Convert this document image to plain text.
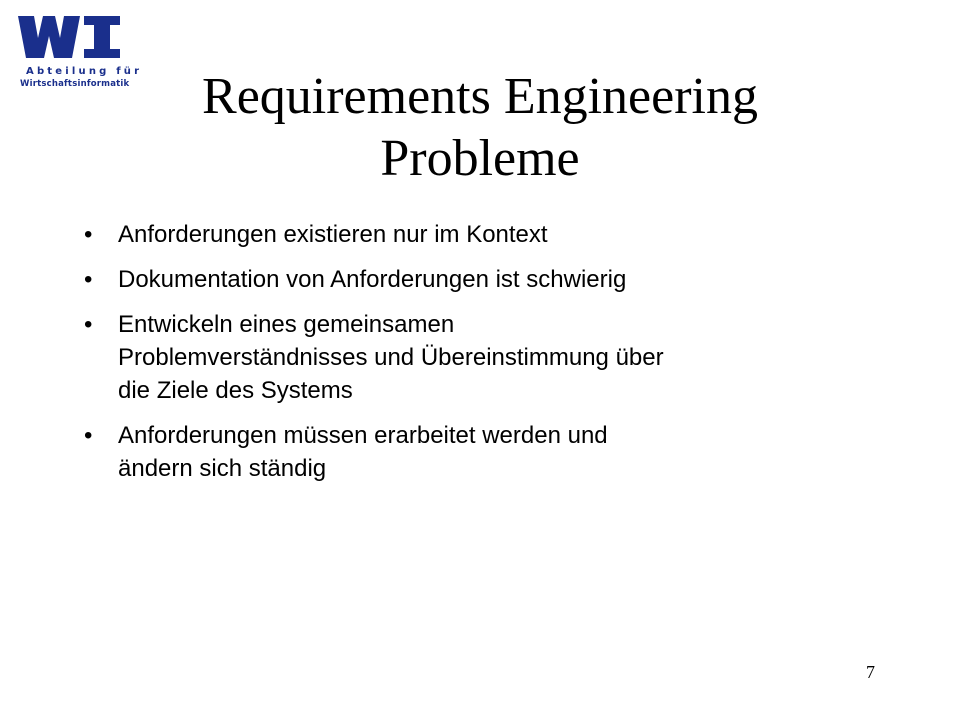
Abteilung für
Wirtschaftsinformatik	Requirements Engineering
Probleme
• Anforderungen existieren nur im Kontext
• Dokumentation von Anforderungen ist schwierig
• Entwickeln eines gemeinsamen
Problemverständnisses und Übereinstimmung über
die Ziele des Systems
• Anforderungen müssen erarbeitet werden und
ändern sich ständig
7
